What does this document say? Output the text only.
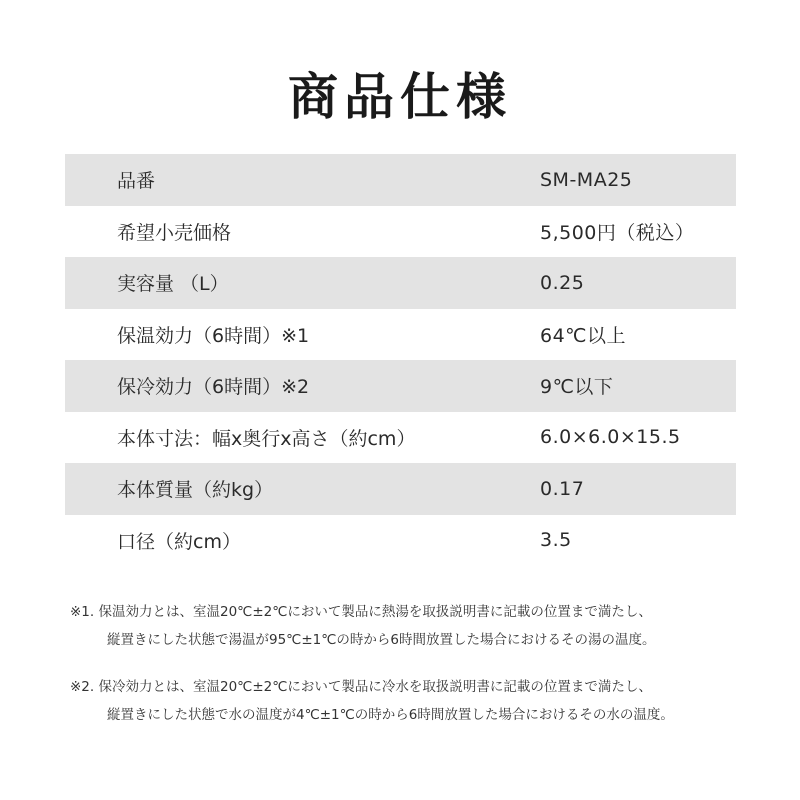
商品仕様
品番	SM-MA25
希望小売価格	5,500円（税込）
実容量 （L）	0.25
保温効力（6時間）※1	64℃以上
保冷効力（6時間）※2	9℃以下
本体寸法：幅x奥行x高さ（約cm）	6.0×6.0×15.5
本体質量（約kg）	0.17
口径（約cm）	3.5
※1. 保温効力とは、室温20℃±2℃において製品に熱湯を取扱説明書に記載の位置まで満たし、
縦置きにした状態で湯温が95℃±1℃の時から6時間放置した場合におけるその湯の温度。
※2. 保冷効力とは、室温20℃±2℃において製品に冷水を取扱説明書に記載の位置まで満たし、
縦置きにした状態で水の温度が4℃±1℃の時から6時間放置した場合におけるその水の温度。
